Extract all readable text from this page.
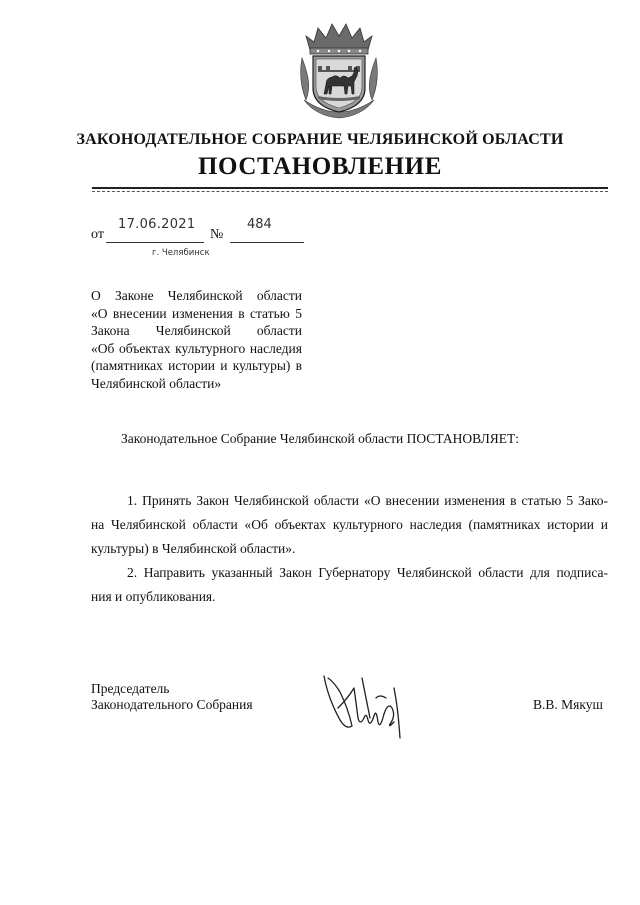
ЗАКОНОДАТЕЛЬНОЕ СОБРАНИЕ ЧЕЛЯБИНСКОЙ ОБЛАСТИ
ПОСТАНОВЛЕНИЕ
от
17.06.2021
№
484
г. Челябинск
О Законе Челябинской области
«О внесении изменения в статью 5
Закона Челябинской области
«Об объектах культурного наследия
(памятниках истории и культуры) в
Челябинской области»
Законодательное Собрание Челябинской области ПОСТАНОВЛЯЕТ:
1. Принять Закон Челябинской области «О внесении изменения в статью 5 Зако-
на Челябинской области «Об объектах культурного наследия (памятниках истории и
культуры) в Челябинской области».
2. Направить указанный Закон Губернатору Челябинской области для подписа-
ния и опубликования.
Председатель
Законодательного Собрания	В.В. Мякуш
